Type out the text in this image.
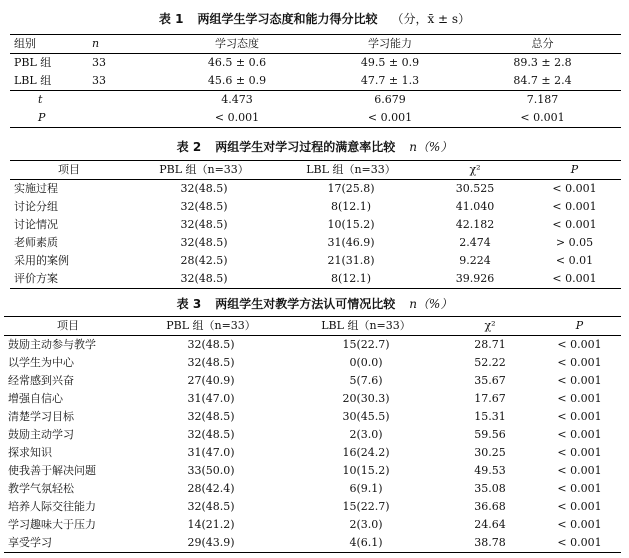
表 1 两组学生学习态度和能力得分比较 （分，x̄ ± s）
组别	n	学习态度	学习能力	总分
PBL 组	33	46.5 ± 0.6	49.5 ± 0.9	89.3 ± 2.8
LBL 组	33	45.6 ± 0.9	47.7 ± 1.3	84.7 ± 2.4
t		4.473	6.679	7.187
P		< 0.001	< 0.001	< 0.001
表 2 两组学生对学习过程的满意率比较 n（%）
项目	PBL 组（n=33）	LBL 组（n=33）	χ²	P
实施过程	32(48.5)	17(25.8)	30.525	< 0.001
讨论分组	32(48.5)	8(12.1)	41.040	< 0.001
讨论情况	32(48.5)	10(15.2)	42.182	< 0.001
老师素质	32(48.5)	31(46.9)	2.474	> 0.05
采用的案例	28(42.5)	21(31.8)	9.224	< 0.01
评价方案	32(48.5)	8(12.1)	39.926	< 0.001
表 3 两组学生对教学方法认可情况比较 n（%）
项目	PBL 组（n=33）	LBL 组（n=33）	χ²	P
鼓励主动参与教学	32(48.5)	15(22.7)	28.71	< 0.001
以学生为中心	32(48.5)	0(0.0)	52.22	< 0.001
经常感到兴奋	27(40.9)	5(7.6)	35.67	< 0.001
增强自信心	31(47.0)	20(30.3)	17.67	< 0.001
清楚学习目标	32(48.5)	30(45.5)	15.31	< 0.001
鼓励主动学习	32(48.5)	2(3.0)	59.56	< 0.001
探求知识	31(47.0)	16(24.2)	30.25	< 0.001
使我善于解决问题	33(50.0)	10(15.2)	49.53	< 0.001
教学气氛轻松	28(42.4)	6(9.1)	35.08	< 0.001
培养人际交往能力	32(48.5)	15(22.7)	36.68	< 0.001
学习趣味大于压力	14(21.2)	2(3.0)	24.64	< 0.001
享受学习	29(43.9)	4(6.1)	38.78	< 0.001
